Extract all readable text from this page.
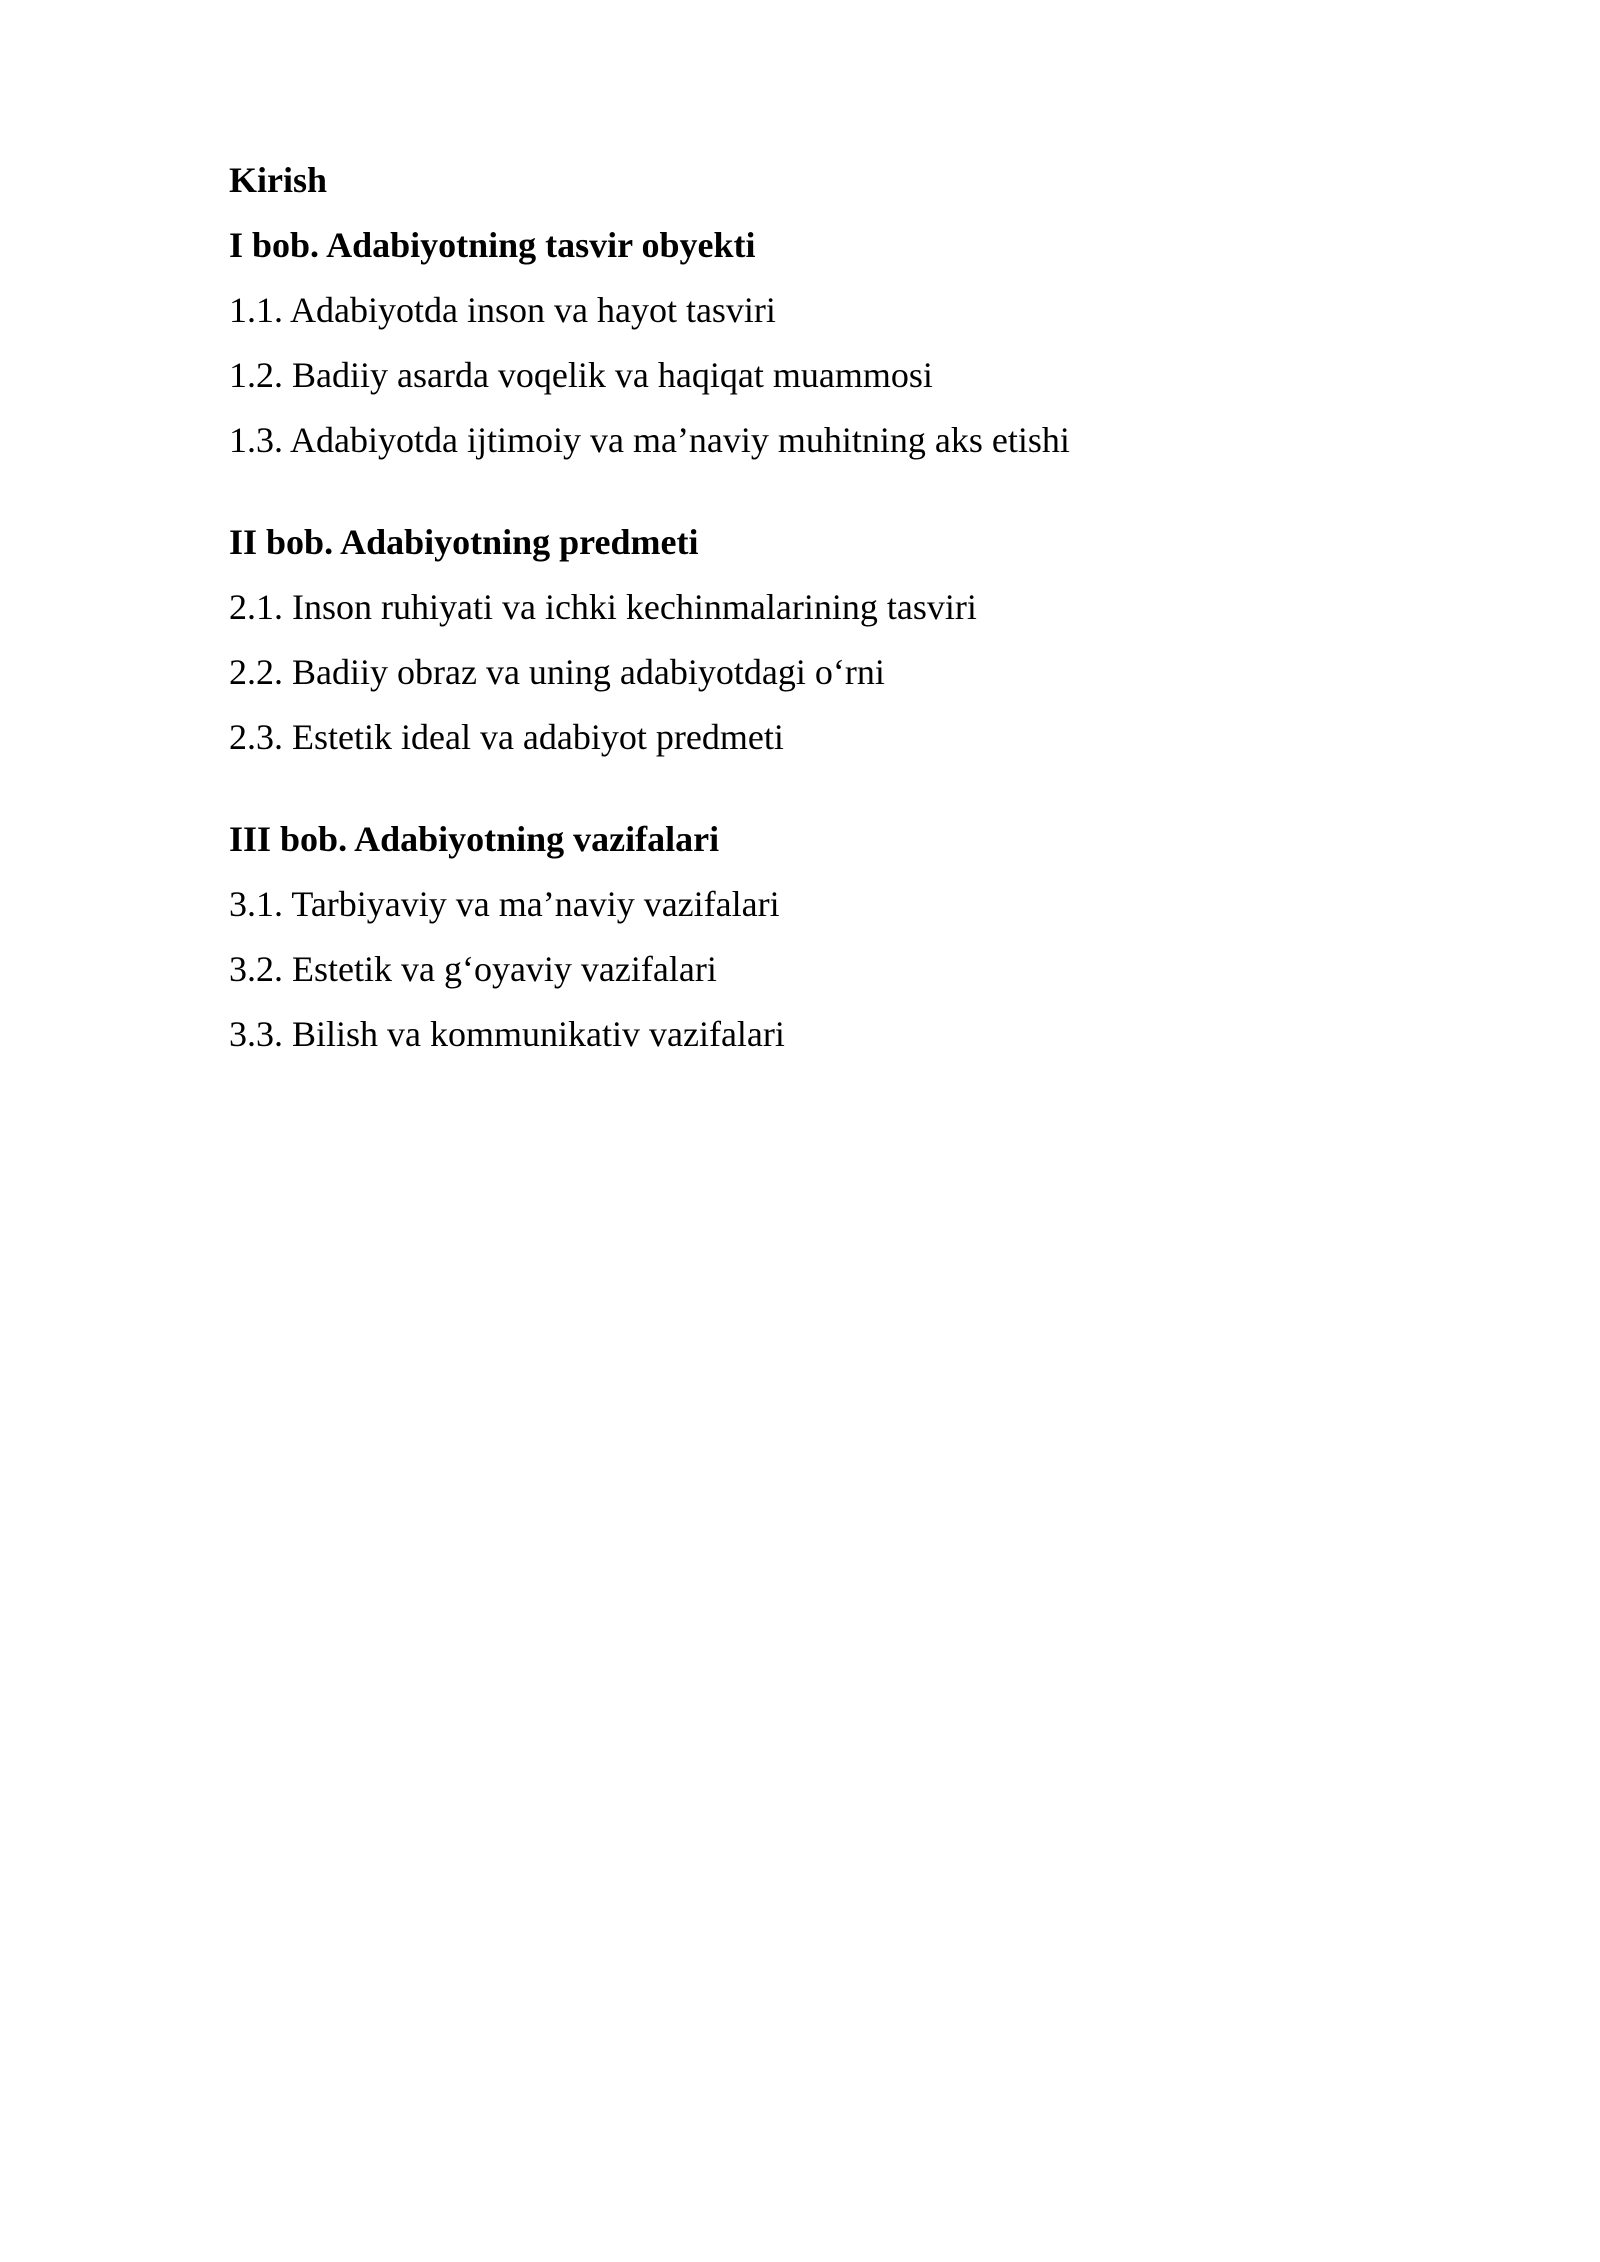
Kirish
I bob. Adabiyotning tasvir obyekti
1.1. Adabiyotda inson va hayot tasviri
1.2. Badiiy asarda voqelik va haqiqat muammosi
1.3. Adabiyotda ijtimoiy va ma’naviy muhitning aks etishi
II bob. Adabiyotning predmeti
2.1. Inson ruhiyati va ichki kechinmalarining tasviri
2.2. Badiiy obraz va uning adabiyotdagi o‘rni
2.3. Estetik ideal va adabiyot predmeti
III bob. Adabiyotning vazifalari
3.1. Tarbiyaviy va ma’naviy vazifalari
3.2. Estetik va g‘oyaviy vazifalari
3.3. Bilish va kommunikativ vazifalari
